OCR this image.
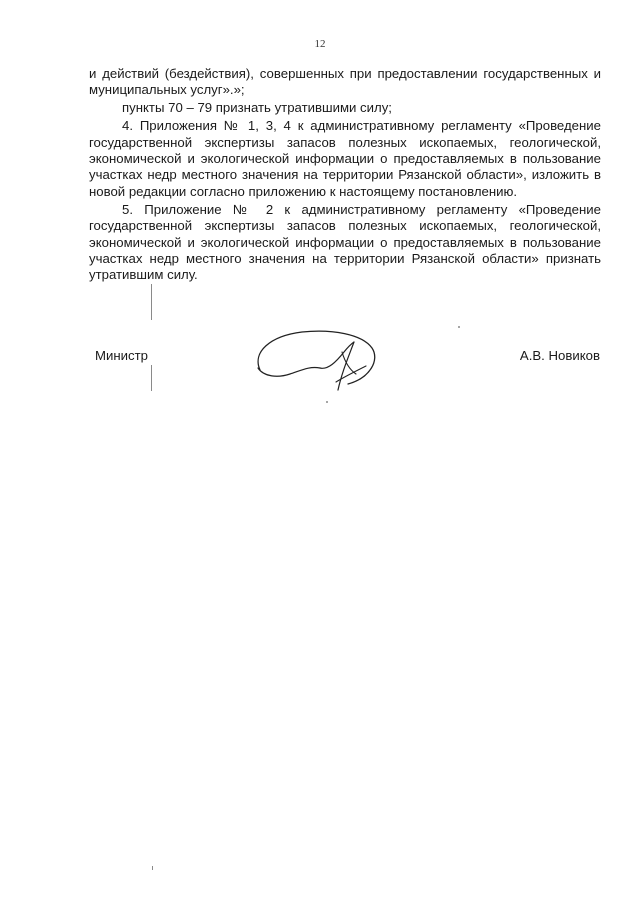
12

и действий (бездействия), совершенных при предоставлении государственных и муниципальных услуг».»;

пункты 70 – 79 признать утратившими силу;

4. Приложения № 1, 3, 4 к административному регламенту «Проведение государственной экспертизы запасов полезных ископаемых, геологической, экономической и экологической информации о предоставляемых в пользование участках недр местного значения на территории Рязанской области», изложить в новой редакции согласно приложению к настоящему постановлению.

5. Приложение № 2 к административному регламенту «Проведение государственной экспертизы запасов полезных ископаемых, геологической, экономической и экологической информации о предоставляемых в пользование участках недр местного значения на территории Рязанской области» признать утратившим силу.

Министр	А.В. Новиков
